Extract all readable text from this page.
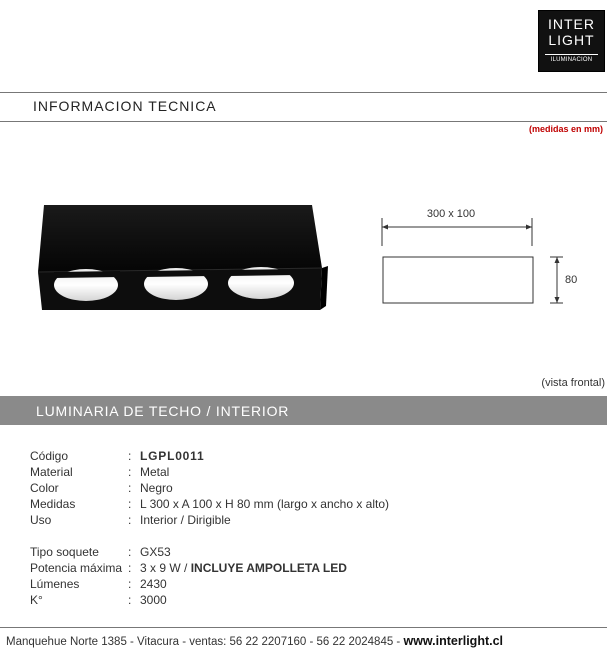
INTER
LIGHT
ILUMINACION
INFORMACION TECNICA
(medidas en mm)
300 x 100
80
(vista frontal)
LUMINARIA DE TECHO / INTERIOR
Código	: LGPL0011
Material	: Metal
Color	: Negro
Medidas	: L 300 x A 100 x H 80 mm (largo x ancho x alto)
Uso	: Interior / Dirigible
Tipo soquete : GX53
Potencia máxima : 3 x 9 W / INCLUYE AMPOLLETA LED
Lúmenes	: 2430
K°	: 3000
Manquehue Norte 1385 - Vitacura - ventas: 56 22 2207160 - 56 22 2024845 - www.interlight.cl
